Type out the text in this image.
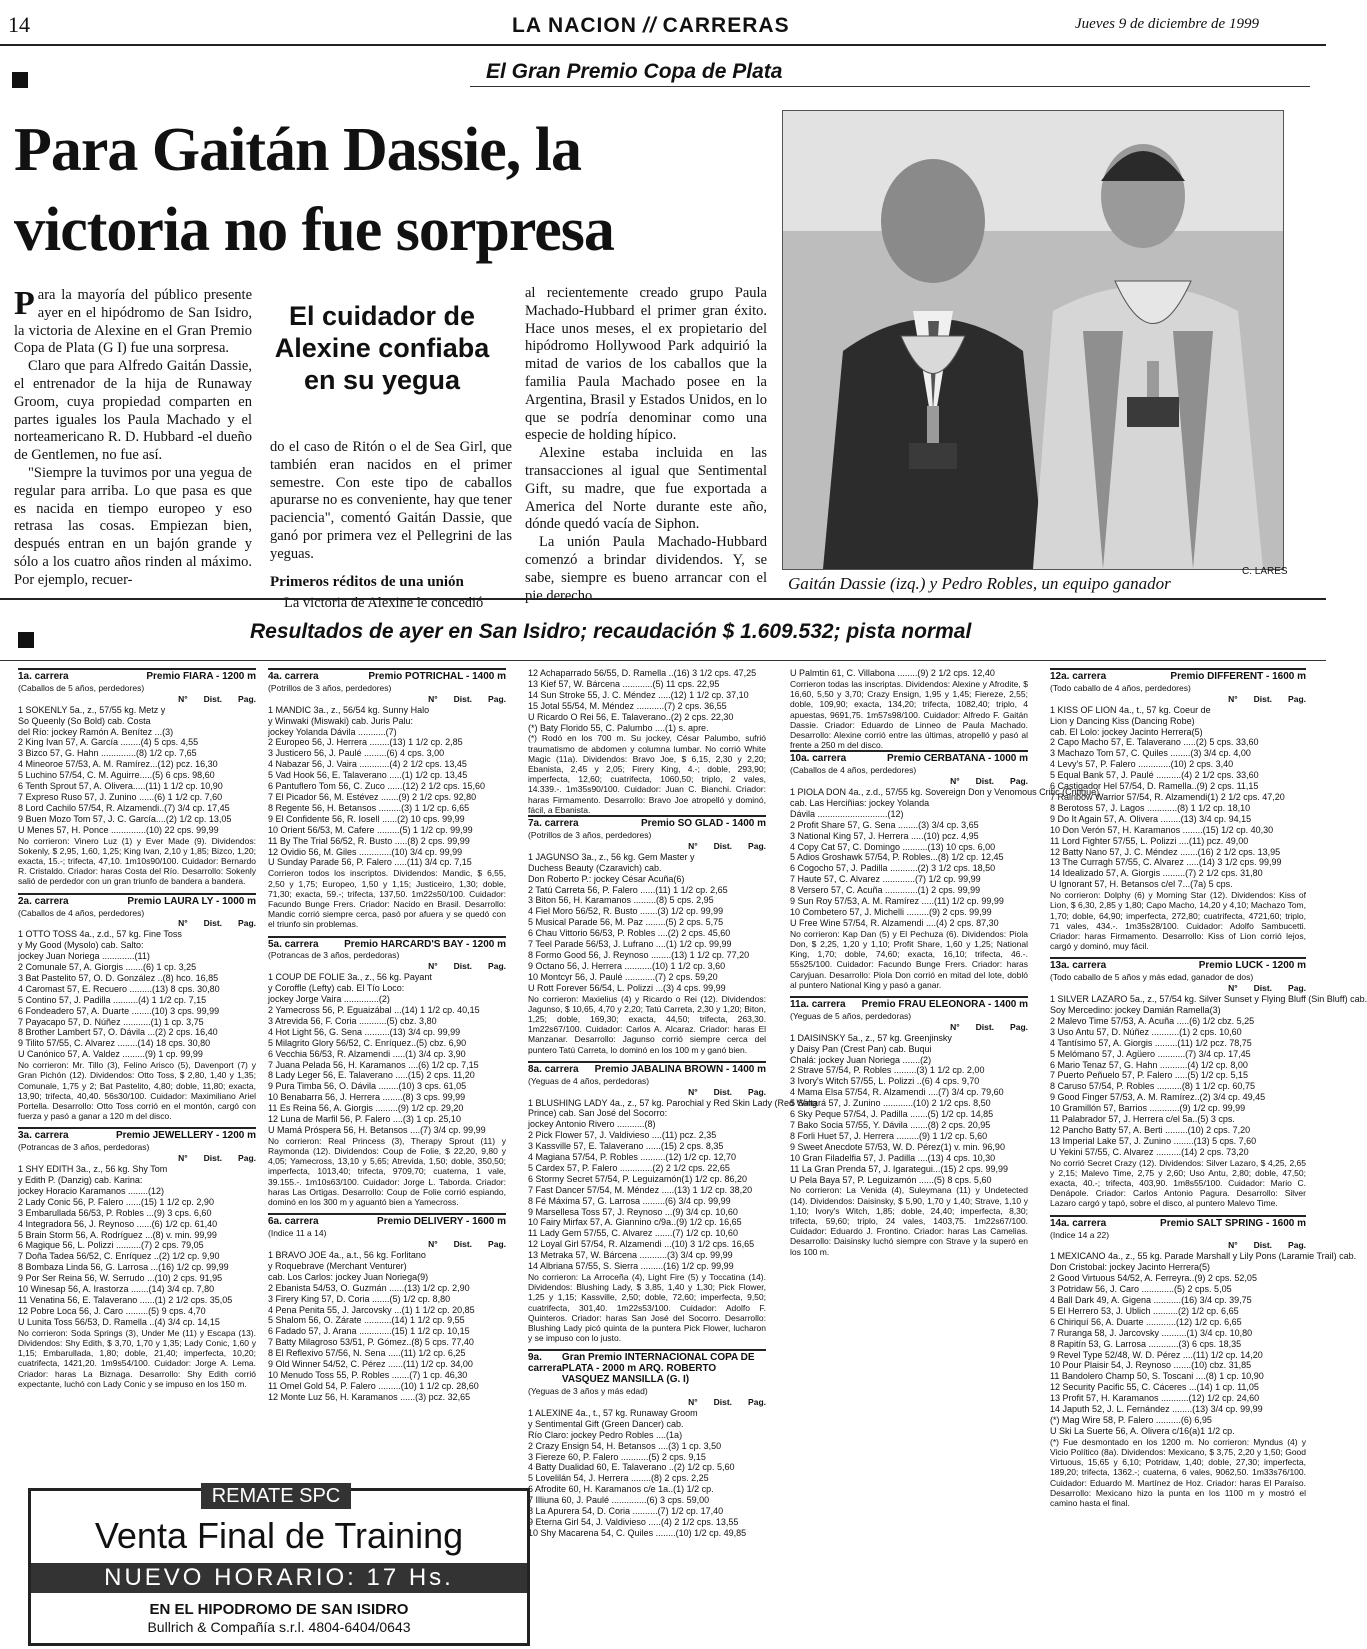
14	LA NACION // CARRERAS	Jueves 9 de diciembre de 1999
El Gran Premio Copa de Plata
Para Gaitán Dassie, la victoria no fue sorpresa

Para la mayoría del público presente ayer en el hipódromo de San Isidro, la victoria de Alexine en el Gran Premio Copa de Plata (G I) fue una sorpresa.

Claro que para Alfredo Gaitán Dassie, el entrenador de la hija de Runaway Groom, cuya propiedad comparten en partes iguales los Paula Machado y el norteamericano R. D. Hubbard -el dueño de Gentlemen, no fue así.

"Siempre la tuvimos por una yegua de regular para arriba. Lo que pasa es que es nacida en tiempo europeo y eso retrasa las cosas. Empiezan bien, después entran en un bajón grande y sólo a los cuatro años rinden al máximo. Por ejemplo, recuer-

El cuidador de Alexine confiaba en su yegua

do el caso de Ritón o el de Sea Girl, que también eran nacidos en el primer semestre. Con este tipo de caballos apurarse no es conveniente, hay que tener paciencia", comentó Gaitán Dassie, que ganó por primera vez el Pellegrini de las yeguas.

Primeros réditos de una unión

La victoria de Alexine le concedió

al recientemente creado grupo Paula Machado-Hubbard el primer gran éxito. Hace unos meses, el ex propietario del hipódromo Hollywood Park adquirió la mitad de varios de los caballos que la familia Paula Machado posee en la Argentina, Brasil y Estados Unidos, en lo que se podría denominar como una especie de holding hípico.

Alexine estaba incluida en las transacciones al igual que Sentimental Gift, su madre, que fue exportada a America del Norte durante este año, dónde quedó vacía de Siphon.

La unión Paula Machado-Hubbard comenzó a brindar dividendos. Y, se sabe, siempre es bueno arrancar con el pie derecho.

C. LARES
Gaitán Dassie (izq.) y Pedro Robles, un equipo ganador
Resultados de ayer en San Isidro; recaudación $ 1.609.532; pista normal
1a. carrera	Premio FIARA - 1200 m
(Caballos de 5 años, perdedores)
N° Dist. Pag.
1 SOKENLY 5a., z., 57/55 kg. Metz y
So Queenly (So Bold) cab. Costa
del Río: jockey Ramón A. Benítez ...(3)
2 King Ivan 57, A. García ........(4) 5 cps. 4,55
3 Bizco 57, G. Hahn ..............(8) 1/2 cp. 7,65
4 Mineoroe 57/53, A. M. Ramírez...(12) pcz. 16,30
5 Luchino 57/54, C. M. Aguirre.....(5) 6 cps. 98,60
6 Tenth Sprout 57, A. Olivera.....(11) 1 1/2 cp. 10,90
7 Expreso Ruso 57, J. Zunino ......(6) 1 1/2 cp. 7,60
8 Lord Cachilo 57/54, R. Alzamendi..(7) 3/4 cp. 17,45
9 Buen Mozo Tom 57, J. C. García....(2) 1/2 cp. 13,05
U Menes 57, H. Ponce ..............(10) 22 cps. 99,99
No corrieron: Vinero Luz (1) y Ever Made (9). Dividendos: Sokenly, $ 2,95, 1,60, 1,25; King Ivan, 2,10 y 1,85; Bizco, 1,20; exacta, 15.-; trifecta, 47,10. 1m10s90/100. Cuidador: Bernardo R. Cristaldo. Criador: haras Costa del Río. Desarrollo: Sokenly salió de perdedor con un gran triunfo de bandera a bandera.
2a. carrera	Premio LAURA LY - 1000 m
(Caballos de 4 años, perdedores)
N° Dist. Pag.
1 OTTO TOSS 4a., z.d., 57 kg. Fine Toss
y My Good (Mysolo) cab. Salto:
jockey Juan Noriega .............(11)
2 Comunale 57, A. Giorgis .......(6) 1 cp. 3,25
3 Bat Pastelito 57, O. D. González ..(8) hco. 16,85
4 Caromast 57, E. Recuero .........(13) 8 cps. 30,80
5 Contino 57, J. Padilla ..........(4) 1 1/2 cp. 7,15
6 Fondeadero 57, A. Duarte ........(10) 3 cps. 99,99
7 Payacapo 57, D. Núñez ...........(1) 1 cp. 3,75
8 Brother Lambert 57, O. Dávila ...(2) 2 cps. 16,40
9 Tilito 57/55, C. Alvarez ........(14) 18 cps. 30,80
U Canónico 57, A. Valdez .........(9) 1 cp. 99,99
No corrieron: Mr. Tillo (3), Felino Arisco (5), Davenport (7) y Gran Pichón (12). Dividendos: Otto Toss, $ 2,80, 1,40 y 1,35; Comunale, 1,75 y 2; Bat Pastelito, 4,80; doble, 11,80; exacta, 13,90; trifecta, 40,40. 56s30/100. Cuidador: Maximiliano Ariel Portella. Desarrollo: Otto Toss corrió en el montón, cargó con fuerza y pasó a ganar a 120 m del disco.
3a. carrera	Premio JEWELLERY - 1200 m
(Potrancas de 3 años, perdedoras)
N° Dist. Pag.
1 SHY EDITH 3a., z., 56 kg. Shy Tom
y Edith P. (Danzig) cab. Karina:
jockey Horacio Karamanos ........(12)
2 Lady Conic 56, P. Falero ......(15) 1 1/2 cp. 2,90
3 Embarullada 56/53, P. Robles ...(9) 3 cps. 6,60
4 Integradora 56, J. Reynoso ......(6) 1/2 cp. 61,40
5 Brain Storm 56, A. Rodríguez ...(8) v. min. 99,99
6 Magique 56, L. Polizzi ..........(7) 2 cps. 79,05
7 Doña Tadea 56/52, C. Enríquez ..(2) 1/2 cp. 9,90
8 Bombaza Linda 56, G. Larrosa ...(16) 1/2 cp. 99,99
9 Por Ser Reina 56, W. Serrudo ...(10) 2 cps. 91,95
10 Winesap 56, A. Irastorza .......(14) 3/4 cp. 7,80
11 Venatina 56, E. Talaverano ......(1) 2 1/2 cps. 35,05
12 Pobre Loca 56, J. Caro .........(5) 9 cps. 4,70
U Lunita Toss 56/53, D. Ramella ..(4) 3/4 cp. 14,15
No corrieron: Soda Springs (3), Under Me (11) y Escapa (13). Dividendos: Shy Edith, $ 3,70, 1,70 y 1,35; Lady Conic, 1,60 y 1,15; Embarullada, 1,80; doble, 21,40; imperfecta, 10,20; cuatrifecta, 1421,20. 1m9s54/100. Cuidador: Jorge A. Lema. Criador: haras La Biznaga. Desarrollo: Shy Edith corrió expectante, luchó con Lady Conic y se impuso en los 150 m.
4a. carrera	Premio POTRICHAL - 1400 m
(Potrillos de 3 años, perdedores)
N° Dist. Pag.
1 MANDIC 3a., z., 56/54 kg. Sunny Halo
y Winwaki (Miswaki) cab. Juris Palu:
jockey Yolanda Dávila ...........(7)
2 Europeo 56, J. Herrera ........(13) 1 1/2 cp. 2,85
3 Justicero 56, J. Paulé .........(6) 4 cps. 3,00
4 Nabazar 56, J. Vaira ............(4) 2 1/2 cps. 13,45
5 Vad Hook 56, E. Talaverano .....(1) 1/2 cp. 13,45
6 Pantuflero Tom 56, C. Zuco ......(12) 2 1/2 cps. 15,60
7 El Picador 56, M. Estévez .......(9) 2 1/2 cps. 92,80
8 Regente 56, H. Betansos .........(3) 1 1/2 cp. 6,65
9 El Confidente 56, R. Iosell ......(2) 10 cps. 99,99
10 Orient 56/53, M. Cafere .........(5) 1 1/2 cp. 99,99
11 By The Trial 56/52, R. Busto .....(8) 2 cps. 99,99
12 Ovidio 56, M. Giles .............(10) 3/4 cp. 99,99
U Sunday Parade 56, P. Falero .....(11) 3/4 cp. 7,15
Corrieron todos los inscriptos. Dividendos: Mandic, $ 6,55, 2,50 y 1,75; Europeo, 1,50 y 1,15; Justiceiro, 1,30; doble, 71,30; exacta, 59.-; trifecta, 137,50. 1m22s50/100. Cuidador: Facundo Bunge Frers. Criador: Nacido en Brasil. Desarrollo: Mandic corrió siempre cerca, pasó por afuera y se quedó con el triunfo sin problemas.
5a. carrera	Premio HARCARD'S BAY - 1200 m
(Potrancas de 3 años, perdedoras)
N° Dist. Pag.
1 COUP DE FOLIE 3a., z., 56 kg. Payant
y Coroffle (Lefty) cab. El Tío Loco:
jockey Jorge Vaira ..............(2)
2 Yamecross 56, P. Eguaizábal ...(14) 1 1/2 cp. 40,15
3 Atrevida 56, F. Coria ...........(5) cbz. 3,80
4 Hot Light 56, G. Sena ..........(13) 3/4 cp. 99,99
5 Milagrito Glory 56/52, C. Enríquez..(5) cbz. 6,90
6 Vecchia 56/53, R. Alzamendi .....(1) 3/4 cp. 3,90
7 Juana Pelada 56, H. Karamanos ....(6) 1/2 cp. 7,15
8 Lady Leger 56, E. Talaverano .....(15) 2 cps. 11,20
9 Pura Timba 56, O. Dávila ........(10) 3 cps. 61,05
10 Benabarra 56, J. Herrera ........(8) 3 cps. 99,99
11 Es Reina 56, A. Giorgis .........(9) 1/2 cp. 29,20
12 Luna de Marfil 56, P. Falero ....(3) 1 cp. 25,10
U Mamá Próspera 56, H. Betansos ....(7) 3/4 cp. 99,99
No corrieron: Real Princess (3), Therapy Sprout (11) y Raymonda (12). Dividendos: Coup de Folie, $ 22,20, 9,80 y 4,05; Yamecross, 13,10 y 5,65; Atrevida, 1,50; doble, 350,50; imperfecta, 1013,40; trifecta, 9709,70; cuaterna, 1 vale, 39.155.-. 1m10s63/100. Cuidador: Jorge L. Taborda. Criador: haras Las Ortigas. Desarrollo: Coup de Folie corrió espiando, dominó en los 300 m y aguantó bien a Yamecross.
6a. carrera	Premio DELIVERY - 1600 m
(Indice 11 a 14)
N° Dist. Pag.
1 BRAVO JOE 4a., a.t., 56 kg. Forlitano
y Roquebrave (Merchant Venturer)
cab. Los Carlos: jockey Juan Noriega(9)
2 Ebanista 54/53, O. Guzmán ......(13) 1/2 cp. 2,90
3 Firery King 57, D. Coria .......(5) 1/2 cp. 8,80
4 Pena Penita 55, J. Jarcovsky ...(1) 1 1/2 cp. 20,85
5 Shalom 56, O. Zárate ...........(14) 1 1/2 cp. 9,55
6 Fadado 57, J. Arana .............(15) 1 1/2 cp. 10,15
7 Batty Milagroso 53/51, P. Gómez..(8) 5 cps. 77,40
8 El Reflexivo 57/56, N. Sena .....(11) 1/2 cp. 6,25
9 Old Winner 54/52, C. Pérez ......(11) 1/2 cp. 34,00
10 Menudo Toss 55, P. Robles .......(7) 1 cp. 46,30
11 Omel Gold 54, P. Falero .........(10) 1 1/2 cp. 28,60
12 Monte Luz 56, H. Karamanos ......(3) pcz. 32,65
12 Achaparrado 56/55, D. Ramella ..(16) 3 1/2 cps. 47,25
13 Kief 57, W. Bárcena ............(5) 11 cps. 22,95
14 Sun Stroke 55, J. C. Méndez .....(12) 1 1/2 cp. 37,10
15 Jotal 55/54, M. Méndez ...........(7) 2 cps. 36,55
U Ricardo O Rei 56, E. Talaverano..(2) 2 cps. 22,30
(*) Baty Florido 55, C. Palumbo ....(1) s. apre.
(*) Rodó en los 700 m. Su jockey, César Palumbo, sufrió traumatismo de abdomen y columna lumbar. No corrió White Magic (11a). Dividendos: Bravo Joe, $ 6,15, 2,30 y 2,20; Ebanista, 2,45 y 2,05; Firery King, 4.-; doble, 293,90; imperfecta, 12,60; cuatrifecta, 1060,50; triplo, 2 vales, 14.339.-. 1m35s90/100. Cuidador: Juan C. Bianchi. Criador: haras Firmamento. Desarrollo: Bravo Joe atropelló y dominó, fácil, a Ebanista.
7a. carrera	Premio SO GLAD - 1400 m
(Potrillos de 3 años, perdedores)
N° Dist. Pag.
1 JAGUNSO 3a., z., 56 kg. Gem Master y
Duchess Beauty (Czaravich) cab.
Don Roberto P.: jockey César Acuña(6)
2 Tatú Carreta 56, P. Falero ......(11) 1 1/2 cp. 2,65
3 Biton 56, H. Karamanos .........(8) 5 cps. 2,95
4 Fiel Moro 56/52, R. Busto .......(3) 1/2 cp. 99,99
5 Musical Parade 56, M. Paz ........(5) 2 cps. 5,75
6 Chau Vittorio 56/53, P. Robles ....(2) 2 cps. 45,60
7 Teel Parade 56/53, J. Lufrano ....(1) 1/2 cp. 99,99
8 Formo Good 56, J. Reynoso ........(13) 1 1/2 cp. 77,20
9 Octano 56, J. Herrera ...........(10) 1 1/2 cp. 3,60
10 Montcyr 56, J. Paulé ............(7) 2 cps. 59,20
U Rott Forever 56/54, L. Polizzi ...(3) 4 cps. 99,99
No corrieron: Maxielius (4) y Ricardo o Rei (12). Dividendos: Jagunso, $ 10,65, 4,70 y 2,20; Tatú Carreta, 2,30 y 1,20; Biton, 1,25; doble, 169,30; exacta, 44,50; trifecta, 263,30. 1m22s67/100. Cuidador: Carlos A. Alcaraz. Criador: haras El Manzanar. Desarrollo: Jagunso corrió siempre cerca del puntero Tatú Carreta, lo dominó en los 100 m y ganó bien.
8a. carrera Premio JABALINA BROWN - 1400 m
(Yeguas de 4 años, perdedoras)
N° Dist. Pag.
1 BLUSHING LADY 4a., z., 57 kg. Parochial y Red Skin Lady (Red Wing
Prince) cab. San José del Socorro:
jockey Antonio Rivero ...........(8)
2 Pick Flower 57, J. Valdivieso ....(11) pcz. 2,35
3 Kassville 57, E. Talaverano ......(15) 2 cps. 8,35
4 Magiana 57/54, P. Robles ..........(12) 1/2 cp. 12,70
5 Cardex 57, P. Falero .............(2) 2 1/2 cps. 22,65
6 Stormy Secret 57/54, P. Leguizamón(1) 1/2 cp. 86,20
7 Fast Dancer 57/54, M. Méndez .....(13) 1 1/2 cp. 38,20
8 Fé Máxima 57, G. Larrosa .........(6) 3/4 cp. 99,99
9 Marsellesa Toss 57, J. Reynoso ...(9) 3/4 cp. 10,60
10 Fairy Mirfax 57, A. Giannino c/9a..(9) 1/2 cp. 16,65
11 Lady Gem 57/55, C. Alvarez .......(7) 1/2 cp. 10,60
12 Loyal Girl 57/54, R. Alzamendi ...(10) 3 1/2 cps. 16,65
13 Metraka 57, W. Bárcena ...........(3) 3/4 cp. 99,99
14 Albriana 57/55, S. Sierra .........(16) 1/2 cp. 99,99
No corrieron: La Arroceña (4), Light Fire (5) y Toccatina (14). Dividendos: Blushing Lady, $ 3,85, 1,40 y 1,30; Pick Flower, 1,25 y 1,15; Kassville, 2,50; doble, 72,60; imperfecta, 9,50; cuatrifecta, 301,40. 1m22s53/100. Cuidador: Adolfo F. Quinteros. Criador: haras San José del Socorro. Desarrollo: Blushing Lady picó quinta de la puntera Pick Flower, lucharon y se impuso con lo justo.
9a. carrera
Gran Premio INTERNACIONAL COPA DE PLATA - 2000 m ARQ. ROBERTO VASQUEZ MANSILLA (G. I)
(Yeguas de 3 años y más edad)
N° Dist. Pag.
1 ALEXINE 4a., t., 57 kg. Runaway Groom
y Sentimental Gift (Green Dancer) cab.
Río Claro: jockey Pedro Robles ....(1a)
2 Crazy Ensign 54, H. Betansos ....(3) 1 cp. 3,50
3 Fiereze 60, P. Falero ...........(5) 2 cps. 9,15
4 Batty Dualidad 60, E. Talaverano ..(2) 1/2 cp. 5,60
5 Lovelilán 54, J. Herrera ........(8) 2 cps. 2,25
6 Afrodite 60, H. Karamanos c/e 1a..(1) 1/2 cp.
7 Illiuna 60, J. Paulé ..............(6) 3 cps. 59,00
8 La Apurera 54, D. Coria ..........(7) 1/2 cp. 17,40
9 Eterna Girl 54, J. Valdivieso .....(4) 2 1/2 cps. 13,55
10 Shy Macarena 54, C. Quiles ........(10) 1/2 cp. 49,85
U Palmtin 61, C. Villabona ........(9) 2 1/2 cps. 12,40
Corrieron todas las inscriptas. Dividendos: Alexine y Afrodite, $ 16,60, 5,50 y 3,70; Crazy Ensign, 1,95 y 1,45; Fiereze, 2,55; doble, 109,90; exacta, 134,20; trifecta, 1082,40; triplo, 4 apuestas, 9691,75. 1m57s98/100. Cuidador: Alfredo F. Gaitán Dassie. Criador: Eduardo de Linneo de Paula Machado. Desarrollo: Alexine corrió entre las últimas, atropelló y pasó al frente a 250 m del disco.
10a. carrera	Premio CERBATANA - 1000 m
(Caballos de 4 años, perdedores)
N° Dist. Pag.
1 PIOLA DON 4a., z.d., 57/55 kg. Sovereign Don y Venomous Critic (Critique)
cab. Las Herciñias: jockey Yolanda
Dávila ............................(12)
2 Profit Share 57, G. Sena ........(3) 3/4 cp. 3,65
3 National King 57, J. Herrera .....(10) pcz. 4,95
4 Copy Cat 57, C. Domingo ..........(13) 10 cps. 6,00
5 Adios Groshawk 57/54, P. Robles...(8) 1/2 cp. 12,45
6 Cogocho 57, J. Padilla ...........(2) 3 1/2 cps. 18,50
7 Haute 57, C. Alvarez .............(7) 1/2 cp. 99,99
8 Versero 57, C. Acuña .............(1) 2 cps. 99,99
9 Sun Roy 57/53, A. M. Ramírez .....(11) 1/2 cp. 99,99
10 Combetero 57, J. Michelli .........(9) 2 cps. 99,99
U Free Wine 57/54, R. Alzamendi ....(4) 2 cps. 87,30
No corrieron: Kap Dan (5) y El Pechuza (6). Dividendos: Piola Don, $ 2,25, 1,20 y 1,10; Profit Share, 1,60 y 1,25; National King, 1,70; doble, 74,60; exacta, 16,10; trifecta, 46.-. 55s25/100. Cuidador: Facundo Bunge Frers. Criador: haras Caryjuan. Desarrollo: Piola Don corrió en mitad del lote, dobló al puntero National King y pasó a ganar.
11a. carrera Premio FRAU ELEONORA - 1400 m
(Yeguas de 5 años, perdedoras)
N° Dist. Pag.
1 DAISINSKY 5a., z., 57 kg. Greenjinsky
y Daisy Pan (Crest Pan) cab. Buqui
Chalá: jockey Juan Noriega .......(2)
2 Strave 57/54, P. Robles .........(3) 1 1/2 cp. 2,00
3 Ivory's Witch 57/55, L. Polizzi ..(6) 4 cps. 9,70
4 Mama Elsa 57/54, R. Alzamendi ....(7) 3/4 cp. 79,60
5 Saltará 57, J. Zunino ............(10) 2 1/2 cps. 8,50
6 Sky Peque 57/54, J. Padilla .......(5) 1/2 cp. 14,85
7 Bako Socia 57/55, Y. Dávila .......(8) 2 cps. 20,95
8 Forli Huet 57, J. Herrera .........(9) 1 1/2 cp. 5,60
9 Sweet Anecdote 57/53, W. D. Pérez(1) v. min. 96,90
10 Gran Filadelfia 57, J. Padilla ....(13) 4 cps. 10,30
11 La Gran Prenda 57, J. Igarategui...(15) 2 cps. 99,99
U Pela Baya 57, P. Leguizamón ......(5) 8 cps. 5,60
No corrieron: La Venida (4), Suleymana (11) y Undetected (14). Dividendos: Daisinsky, $ 5,90, 1,70 y 1,40; Strave, 1,10 y 1,10; Ivory's Witch, 1,85; doble, 24,40; imperfecta, 8,30; trifecta, 59,60; triplo, 24 vales, 1403,75. 1m22s67/100. Cuidador: Eduardo J. Frontino. Criador: haras Las Camelias. Desarrollo: Daisinsky luchó siempre con Strave y la superó en los 100 m.
12a. carrera	Premio DIFFERENT - 1600 m
(Todo caballo de 4 años, perdedores)
N° Dist. Pag.
1 KISS OF LION 4a., t., 57 kg. Coeur de
Lion y Dancing Kiss (Dancing Robe)
cab. El Lolo: jockey Jacinto Herrera(5)
2 Capo Macho 57, E. Talaverano .....(2) 5 cps. 33,60
3 Machazo Tom 57, C. Quiles ........(3) 3/4 cp. 4,00
4 Levy's 57, P. Falero .............(10) 2 cps. 3,40
5 Equal Bank 57, J. Paulé ..........(4) 2 1/2 cps. 33,60
6 Castigador Hel 57/54, D. Ramella..(9) 2 cps. 11,15
7 Rainbow Warrior 57/54, R. Alzamendi(1) 2 1/2 cps. 47,20
8 Berotoss 57, J. Lagos ............(8) 1 1/2 cp. 18,10
9 Do It Again 57, A. Olivera ........(13) 3/4 cp. 94,15
10 Don Verón 57, H. Karamanos ........(15) 1/2 cp. 40,30
11 Lord Fighter 57/55, L. Polizzi ....(11) pcz. 49,00
12 Batty Nano 57, J. C. Méndez .......(16) 2 1/2 cps. 13,95
13 The Curragh 57/55, C. Alvarez .....(14) 3 1/2 cps. 99,99
14 Idealizado 57, A. Giorgis .........(7) 2 1/2 cps. 31,80
U Ignorant 57, H. Betansos c/el 7...(7a) 5 cps.
No corrieron: Dolphy (6) y Morning Star (12). Dividendos: Kiss of Lion, $ 6,30, 2,85 y 1,80; Capo Macho, 14,20 y 4,10; Machazo Tom, 1,70; doble, 64,90; imperfecta, 272,80; cuatrifecta, 4721,60; triplo, 71 vales, 434.-. 1m35s28/100. Cuidador: Adolfo Sambucetti. Criador: haras Firmamento. Desarrollo: Kiss of Lion corrió lejos, cargó y dominó, muy fácil.
13a. carrera	Premio LUCK - 1200 m
(Todo caballo de 5 años y más edad, ganador de dos)
N° Dist. Pag.
1 SILVER LAZARO 5a., z., 57/54 kg. Silver Sunset y Flying Bluff (Sin Bluff) cab.
Soy Mercedino: jockey Damián Ramella(3)
2 Malevo Time 57/53, A. Acuña .....(6) 1/2 cbz. 5,25
3 Uso Antu 57, D. Núñez ...........(1) 2 cps. 10,60
4 Tantísimo 57, A. Giorgis .........(11) 1/2 pcz. 78,75
5 Melómano 57, J. Agüero ...........(7) 3/4 cp. 17,45
6 Mario Tenaz 57, G. Hahn ...........(4) 1/2 cp. 8,00
7 Puerto Peñuelo 57, P. Falero .....(5) 1/2 cp. 5,15
8 Caruso 57/54, P. Robles ..........(8) 1 1/2 cp. 60,75
9 Good Finger 57/53, A. M. Ramírez..(2) 3/4 cp. 49,45
10 Gramillón 57, Barrios ............(9) 1/2 cp. 99,99
11 Palabrador 57, J. Herrera c/el 5a..(5) 3 cps.
12 Pancho Batty 57, A. Berti .........(10) 2 cps. 7,20
13 Imperial Lake 57, J. Zunino ........(13) 5 cps. 7,60
U Yekini 57/55, C. Alvarez ..........(14) 2 cps. 73,20
No corrió Secret Crazy (12). Dividendos: Silver Lazaro, $ 4,25, 2,65 y 2,15; Malevo Time, 2,75 y 2,60; Uso Antu, 2,80; doble, 47,50; exacta, 40.-; trifecta, 403,90. 1m8s55/100. Cuidador: Mario C. Denápole. Criador: Carlos Antonio Pagura. Desarrollo: Silver Lazaro cargó y tapó, sobre el disco, al puntero Malevo Time.
14a. carrera	Premio SALT SPRING - 1600 m
(Indice 14 a 22)
N° Dist. Pag.
1 MEXICANO 4a., z., 55 kg. Parade Marshall y Lily Pons (Laramie Trail) cab.
Don Cristobal: jockey Jacinto Herrera(5)
2 Good Virtuous 54/52, A. Ferreyra..(9) 2 cps. 52,05
3 Potridaw 56, J. Caro .............(5) 2 cps. 5,05
4 Ball Dark 49, A. Gigena ...........(16) 3/4 cp. 39,75
5 El Herrero 53, J. Ublich ..........(2) 1/2 cp. 6,65
6 Chiriquí 56, A. Duarte ............(12) 1/2 cp. 6,65
7 Ruranga 58, J. Jarcovsky ..........(1) 3/4 cp. 10,80
8 Rapitín 53, G. Larrosa ............(3) 6 cps. 18,35
9 Revel Type 52/48, W. D. Pérez ....(11) 1/2 cp. 14,20
10 Pour Plaisir 54, J. Reynoso .......(10) cbz. 31,85
11 Bandolero Champ 50, S. Toscani ....(8) 1 cp. 10,90
12 Security Pacific 55, C. Cáceres ...(14) 1 cp. 11,05
13 Profit 57, H. Karamanos ...........(12) 1/2 cp. 24,60
14 Japuth 52, J. L. Fernández ........(13) 3/4 cp. 99,99
(*) Mag Wire 58, P. Falero ..........(6) 6,95
U Ski La Suerte 56, A. Olivera c/16(a)1 1/2 cp.
(*) Fue desmontado en los 1200 m. No corrieron: Myndus (4) y Vicio Político (8a). Dividendos: Mexicano, $ 3,75, 2,20 y 1,50; Good Virtuous, 15,65 y 6,10; Potridaw, 1,40; doble, 27,30; imperfecta, 189,20; trifecta, 1362.-; cuaterna, 6 vales, 9062,50. 1m33s76/100. Cuidador: Eduardo M. Martínez de Hoz. Criador: haras El Paraíso. Desarrollo: Mexicano hizo la punta en los 1100 m y mostró el camino hasta el final.
REMATE SPC
Venta Final de Training
NUEVO HORARIO: 17 Hs.
EN EL HIPODROMO DE SAN ISIDRO
Bullrich & Compañía s.r.l. 4804-6404/0643
